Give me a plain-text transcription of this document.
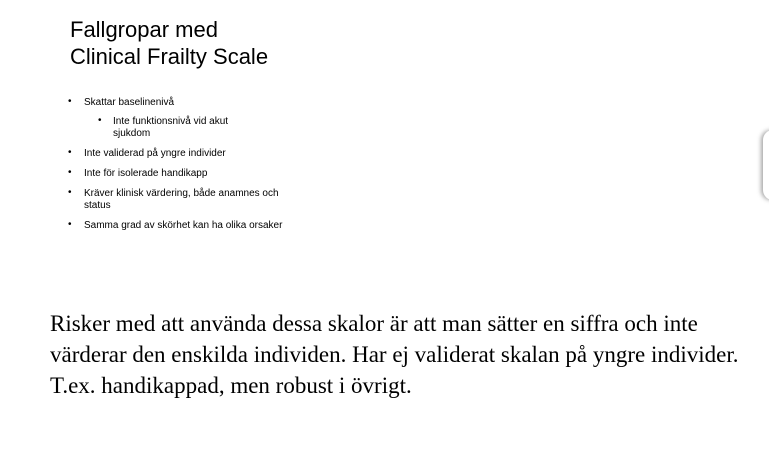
Fallgropar med
Clinical Frailty Scale
• Skattar baselinenivå
• Inte funktionsnivå vid akut sjukdom
• Inte validerad på yngre individer
• Inte för isolerade handikapp
• Kräver klinisk värdering, både anamnes och status
• Samma grad av skörhet kan ha olika orsaker

Risker med att använda dessa skalor är att man sätter en siffra och inte värderar den enskilda individen. Har ej validerat skalan på yngre individer.

T.ex. handikappad, men robust i övrigt.
